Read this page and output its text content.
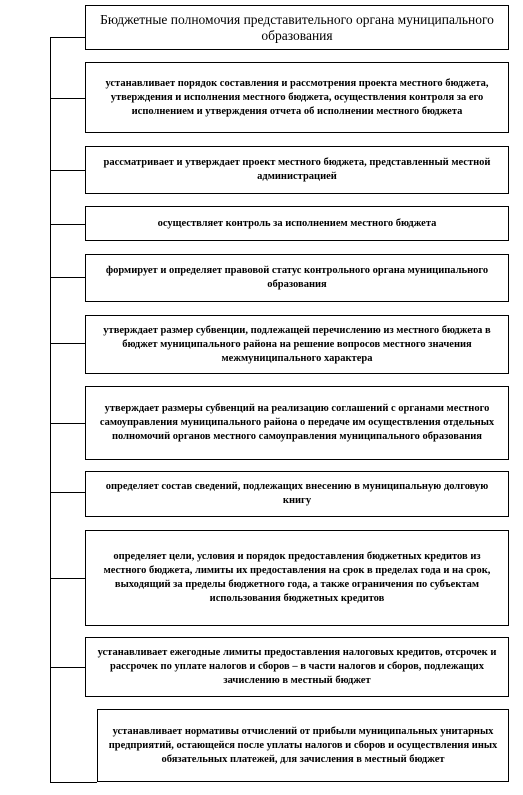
Бюджетные полномочия представительного органа муниципального образования
устанавливает порядок составления и рассмотрения проекта местного бюджета, утверждения и исполнения местного бюджета, осуществления контроля за его исполнением и утверждения отчета об исполнении местного бюджета
рассматривает и утверждает проект местного бюджета, представленный местной администрацией
осуществляет контроль за исполнением местного бюджета
формирует и определяет правовой статус контрольного органа муниципального образования
утверждает размер субвенции, подлежащей перечислению из местного бюджета в бюджет муниципального района на решение вопросов местного значения межмуниципального характера
утверждает размеры субвенций на реализацию соглашений с органами местного самоуправления муниципального района о передаче им осуществления отдельных полномочий органов местного самоуправления муниципального образования
определяет состав сведений, подлежащих внесению в муниципальную долговую книгу
определяет цели, условия и порядок предоставления бюджетных кредитов из местного бюджета, лимиты их предоставления на срок в пределах года и на срок, выходящий за пределы бюджетного года, а также ограничения по субъектам использования бюджетных кредитов
устанавливает ежегодные лимиты предоставления налоговых кредитов, отсрочек и рассрочек по уплате налогов и сборов – в части налогов и сборов, подлежащих зачислению в местный бюджет
устанавливает нормативы отчислений от прибыли муниципальных унитарных предприятий, остающейся после уплаты налогов и сборов и осуществления иных обязательных платежей, для зачисления в местный бюджет
